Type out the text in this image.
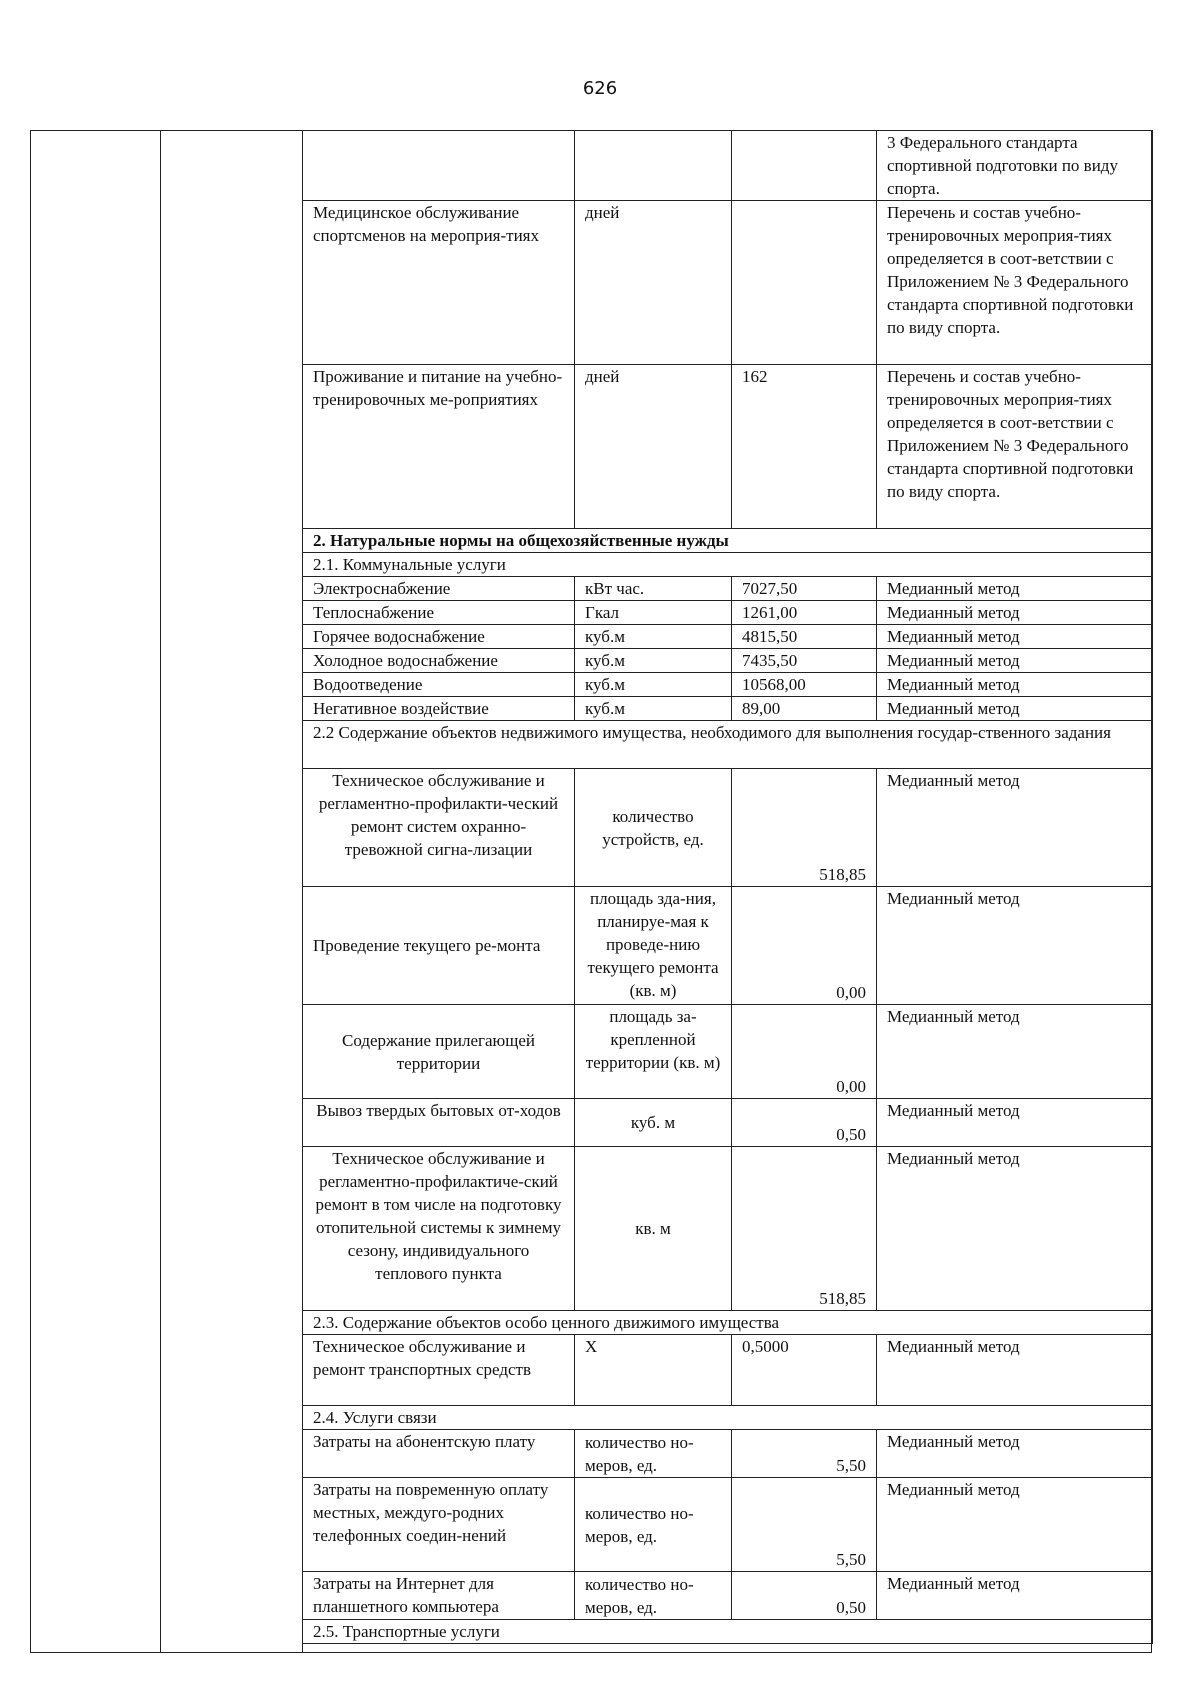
626
			3 Федерального стандарта спортивной подготовки по виду спорта.
Медицинское обслуживание спортсменов на мероприя-тиях	дней		Перечень и состав учебно-тренировочных мероприя-тиях определяется в соот-ветствии с Приложением № 3 Федерального стандарта спортивной подготовки по виду спорта.
Проживание и питание на учебно-тренировочных ме-роприятиях	дней	162	Перечень и состав учебно-тренировочных мероприя-тиях определяется в соот-ветствии с Приложением № 3 Федерального стандарта спортивной подготовки по виду спорта.
2. Натуральные нормы на общехозяйственные нужды			
2.1. Коммунальные услуги			
Электроснабжение	кВт час.	7027,50	Медианный метод
Теплоснабжение	Гкал	1261,00	Медианный метод
Горячее водоснабжение	куб.м	4815,50	Медианный метод
Холодное водоснабжение	куб.м	7435,50	Медианный метод
Водоотведение	куб.м	10568,00	Медианный метод
Негативное воздействие	куб.м	89,00	Медианный метод
2.2 Содержание объектов недвижимого имущества, необходимого для выполнения государ-ственного задания			
Техническое обслуживание и регламентно-профилакти-ческий ремонт систем охранно-тревожной сигна-лизации	количество устройств, ед.	518,85	Медианный метод
Проведение текущего ре-монта	площадь зда-ния, планируе-мая к проведе-нию текущего ремонта (кв. м)	0,00	Медианный метод
Содержание прилегающей территории	площадь за-крепленной территории (кв. м)	0,00	Медианный метод
Вывоз твердых бытовых от-ходов	куб. м	0,50	Медианный метод
Техническое обслуживание и регламентно-профилактиче-ский ремонт в том числе на подготовку отопительной системы к зимнему сезону, индивидуального теплового пункта	кв. м	518,85	Медианный метод
2.3. Содержание объектов особо ценного движимого имущества			
Техническое обслуживание и ремонт транспортных средств	Х	0,5000	Медианный метод
2.4. Услуги связи			
Затраты на абонентскую плату	количество но-меров, ед.	5,50	Медианный метод
Затраты на повременную оплату местных, междуго-родних телефонных соедин-нений	количество но-меров, ед.	5,50	Медианный метод
Затраты на Интернет для планшетного компьютера	количество но-меров, ед.	0,50	Медианный метод
2.5. Транспортные услуги			
